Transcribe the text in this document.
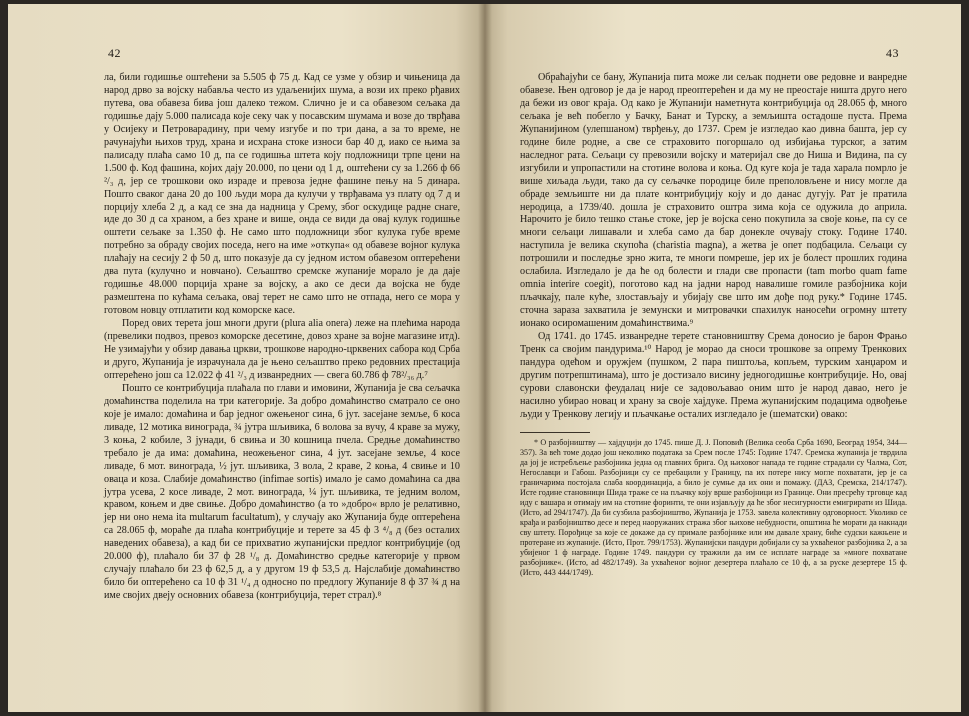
42

ла, били годишње оштећени за 5.505 ф 75 д. Кад се узме у обзир и чињеница да народ дрво за војску набавља често из удаљенијих шума, а вози их преко рђавих путева, ова обавеза бива још далеко тежом. Слично је и са обавезом сељака да годишње дају 5.000 палисада које секу чак у посавским шумама и возе до тврђава у Осијеку и Петроварадину, при чему изгубе и по три дана, а за то време, не рачунајући њихов труд, храна и исхрана стоке износи бар 40 д, иако се њима за палисаду плаћа само 10 д, па се годишња штета коју подложници трпе цени на 1.500 ф. Код фашина, којих дају 20.000, по цени од 1 д, оштећени су за 1.266 ф 66 ²/₃ д, јер се трошкови око израде и превоза једне фашине пењу на 5 динара. Пошто сваког дана 20 до 100 људи мора да кулучи у тврђавама уз плату од 7 д и порцију хлеба 2 д, а кад се зна да надница у Срему, због оскудице радне снаге, иде до 30 д са храном, а без хране и више, онда се види да овај кулук годишње оштети сељаке за 1.350 ф. Не само што подложници због кулука губе време потребно за обраду својих поседа, него на име »откупа« од обавезе војног кулука плаћају на сесију 2 ф 50 д, што показује да су једном истом обавезом оптерећени два пута (кулучно и новчано). Сељаштво сремске жупаније морало је да даје годишње 48.000 порција хране за војску, а ако се деси да војска не буде размештена по кућама сељака, овај терет не само што не отпада, него се мора у готовом новцу отплатити код коморске касе.

Поред ових терета још многи други (plura alia onera) леже на плећима народа (превелики подвоз, превоз коморске десетине, довоз хране за војне магазине итд). Не узимајући у обзир давања цркви, трошкове народно-црквених сабора код Срба и друго, Жупанија је израчунала да је њено сељаштво преко редовних престација оптерећено још са 12.022 ф 41 ²/₃ д изванредних — свега 60.786 ф 78²/₃₆ д.⁷

Пошто се контрибуција плаћала по глави и имовини, Жупанија је сва сељачка домаћинства поделила на три категорије. За добро домаћинство сматрало се оно које је имало: домаћина и бар једног ожењеног сина, 6 јут. засејане земље, 6 коса ливаде, 12 мотика винограда, ¾ јутра шљивика, 6 волова за вучу, 4 краве за мужу, 3 коња, 2 кобиле, 3 јунади, 6 свиња и 30 кошница пчела. Средње домаћинство требало је да има: домаћина, неожењеног сина, 4 јут. засејане земље, 4 косе ливаде, 6 мот. винограда, ½ јут. шљивика, 3 вола, 2 краве, 2 коња, 4 свиње и 10 оваца и коза. Слабије домаћинство (infimae sortis) имало је само домаћина са два јутра усева, 2 косе ливаде, 2 мот. винограда, ¼ јут. шљивика, те једним волом, кравом, коњем и две свиње. Добро домаћинство (а то »добро« врло је релативно, јер ни оно нема ita multarum facultatum), у случају ако Жупанија буде оптерећена са 28.065 ф, мораће да плаћа контрибуције и терете за 45 ф 3 ⁴/₈ д (без осталих наведених обавеза), а кад би се прихватио жупанијски предлог контрибуције (од 20.000 ф), плаћало би 37 ф 28 ¹/₈ д. Домаћинство средње категорије у првом случају плаћало би 23 ф 62,5 д, а у другом 19 ф 53,5 д. Најслабије домаћинство било би оптерећено са 10 ф 31 ¹/₄ д односно по предлогу Жупаније 8 ф 37 ¾ д на име својих двеју основних обавеза (контрибуција, терет страл).⁸

43

Обраћајући се бану, Жупанија пита може ли сељак поднети ове редовне и ванредне обавезе. Њен одговор је да је народ преоптерећен и да му не преостаје ништа друго него да бежи из овог краја. Од како је Жупанији наметнута контрибуција од 28.065 ф, много сељака је већ побегло у Бачку, Банат и Турску, а земљишта остадоше пуста. Према Жупанијином (улепшаном) тврђењу, до 1737. Срем је изгледао као дивна башта, јер су године биле родне, а све се страховито погоршало од избијања турског, а затим наследног рата. Сељаци су превозили војску и материјал све до Ниша и Видина, па су изгубили и упропастили на стотине волова и коња. Од куге која је тада харала помрло је више хиљада људи, тако да су сељачке породице биле преполовљене и нису могле да обраде земљиште ни да плате контрибуцију коју и до данас дугују. Рат је пратила неродица, а 1739/40. дошла је страховито оштра зима која се одужила до априла. Нарочито је било тешко стање стоке, јер је војска сено покупила за своје коње, па су се многи сељаци лишавали и хлеба само да бар донекле очувају стоку. Године 1740. наступила је велика скупоћа (charistia magna), а жетва је опет подбацила. Сељаци су потрошили и последње зрно жита, те многи помреше, јер их је болест прошлих година ослабила. Изгледало је да ће од болести и глади све пропасти (tam morbo quam fame omnia interire coegit), поготово кад на јадни народ навалише гомиле разбојника који пљачкају, пале куће, злостављају и убијају све што им дође под руку.* Године 1745. сточна зараза захватила је земунски и митровачки спахилук наносећи огромну штету ионако осиромашеним домаћинствима.⁹

Од 1741. до 1745. изванредне терете становништву Срема доносио је барон Фрањо Тренк са својим пандурима.¹⁰ Народ је морао да сноси трошкове за опрему Тренкових пандура одећом и оружјем (пушком, 2 пара пиштоља, копљем, турским ханџаром и другим потрепштинама), што је достизало висину једногодишње контрибуције. Но, овај сурови славонски феудалац није се задовољавао оним што је народ давао, него је насилно убирао новац и храну за своје хајдуке. Према жупанијским подацима одвођење људи у Тренкову легију и пљачкање осталих изгледало је (шематски) овако:

* О разбојништву — хајдуцији до 1745. пише Д. Ј. Поповић (Велика сеоба Срба 1690, Београд 1954, 344—357). За већ томе додао још неколико података за Срем после 1745: Године 1747. Сремска жупанија је тврдила да јој је истребљење разбојника једна од главних брига. Од њиховог напада те године страдали су Чалма, Сот, Негославци и Габош. Разбојници су се пребацили у Границу, па их потере нису могле похватати, јер је са граничарима постојала слаба координација, а било је сумње да их они и помажу. (ДАЗ, Сремска, 214/1747). Исте године становници Шида траже се на пљачку коју врше разбојници из Границе. Они пресрећу трговце кад иду с вашара и отимају им на стотине форинти, те они изјављују да ће због несигурности емигрирати из Шида. (Исто, ad 294/1747). Да би сузбила разбојништво, Жупанија је 1753. завела колективну одговорност. Уколико се крађа и разбојништво десе и перед наоружаних стража због њихове небудности, општина ће морати да накнади сву штету. Порођице за које се докаже да су примале разбојнике или им давале храну, биће судски кажњене и протеране из жупаније. (Исто, Прот. 799/1753). Жупанијски пандури добијали су за ухваћеног разбојника 2, а за убијеног 1 ф награде. Године 1749. пандури су тражили да им се исплате награде за »многе похватане разбојнике«. (Исто, ad 482/1749). За ухваћеног војног дезертера плаћало се 10 ф, а за руске дезертере 15 ф. (Исто, 443 444/1749).
